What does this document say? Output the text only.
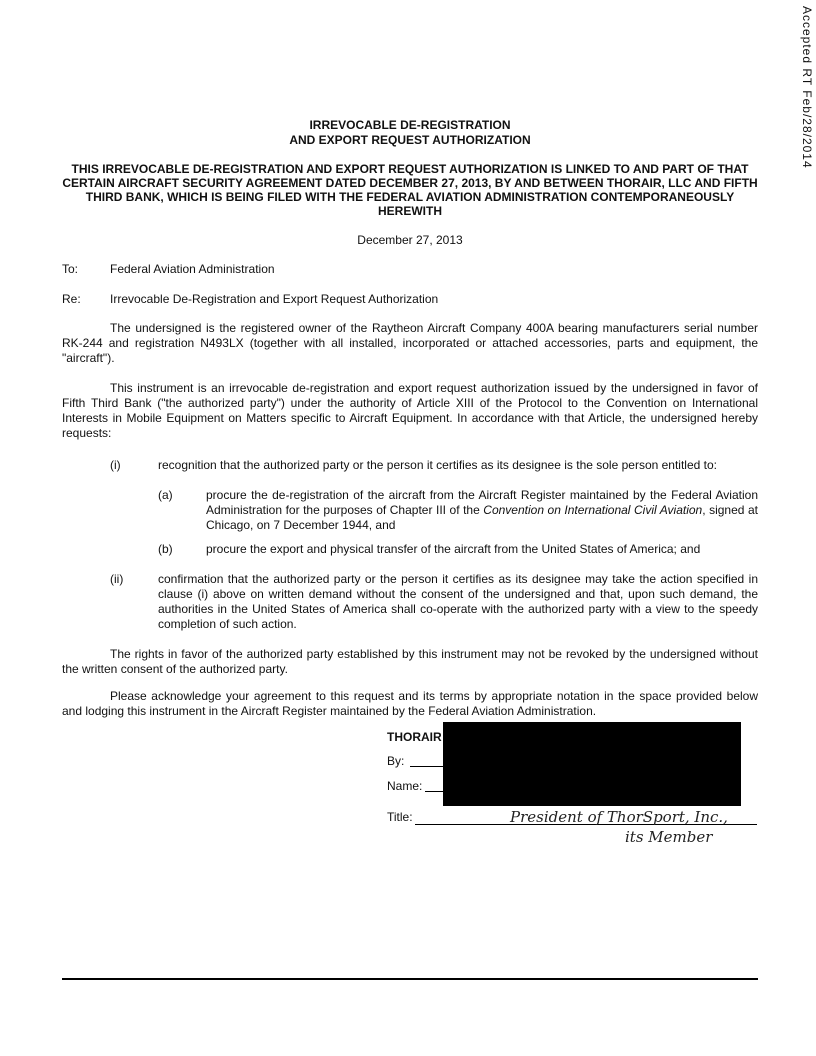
Accepted RT Feb/28/2014
IRREVOCABLE DE-REGISTRATION
AND EXPORT REQUEST AUTHORIZATION
THIS IRREVOCABLE DE-REGISTRATION AND EXPORT REQUEST AUTHORIZATION IS LINKED TO AND PART OF THAT CERTAIN AIRCRAFT SECURITY AGREEMENT DATED DECEMBER 27, 2013, BY AND BETWEEN THORAIR, LLC AND FIFTH THIRD BANK, WHICH IS BEING FILED WITH THE FEDERAL AVIATION ADMINISTRATION CONTEMPORANEOUSLY HEREWITH
December 27, 2013
To:	Federal Aviation Administration
Re: Irrevocable De-Registration and Export Request Authorization
The undersigned is the registered owner of the Raytheon Aircraft Company 400A bearing manufacturers serial number RK-244 and registration N493LX (together with all installed, incorporated or attached accessories, parts and equipment, the "aircraft").
This instrument is an irrevocable de-registration and export request authorization issued by the undersigned in favor of Fifth Third Bank ("the authorized party") under the authority of Article XIII of the Protocol to the Convention on International Interests in Mobile Equipment on Matters specific to Aircraft Equipment. In accordance with that Article, the undersigned hereby requests:
(i)	recognition that the authorized party or the person it certifies as its designee is the sole person entitled to:
(a)	procure the de-registration of the aircraft from the Aircraft Register maintained by the Federal Aviation Administration for the purposes of Chapter III of the Convention on International Civil Aviation, signed at Chicago, on 7 December 1944, and
(b)	procure the export and physical transfer of the aircraft from the United States of America; and
(ii)	confirmation that the authorized party or the person it certifies as its designee may take the action specified in clause (i) above on written demand without the consent of the undersigned and that, upon such demand, the authorities in the United States of America shall co-operate with the authorized party with a view to the speedy completion of such action.
The rights in favor of the authorized party established by this instrument may not be revoked by the undersigned without the written consent of the authorized party.
Please acknowledge your agreement to this request and its terms by appropriate notation in the space provided below and lodging this instrument in the Aircraft Register maintained by the Federal Aviation Administration.
THORAIR
By:
Name:
Title:	President of ThorSport, Inc.,
its Member
